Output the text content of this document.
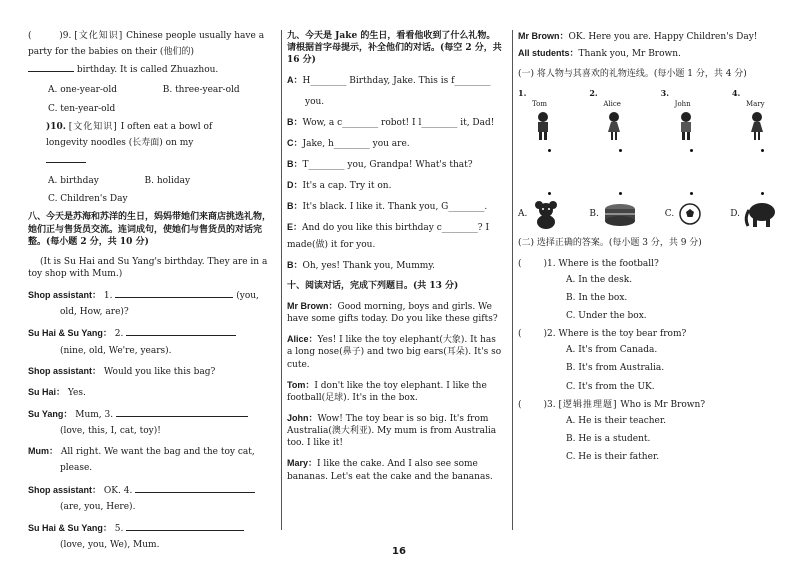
(	)9. [文化知识] Chinese people usually have a
party for the babies on their (他们的)
birthday. It is called Zhuazhou.
A. one-year-old	B. three-year-old
C. ten-year-old
)10. [文化知识] I often eat a bowl of
longevity noodles (长寿面) on my
A. birthday	B. holiday
C. Children's Day
八、今天是苏海和苏洋的生日，妈妈带她们来商店挑选礼物，她们正与售货员交流。连词成句，使她们与售货员的对话完整。(每小题 2 分，共 10 分)
(It is Su Hai and Su Yang's birthday. They are in a toy shop with Mum.)
Shop assistant： 1.	(you,
old, How, are)?
Su Hai & Su Yang： 2.
(nine, old, We're, years).
Shop assistant： Would you like this bag?
Su Hai： Yes.
Su Yang： Mum, 3.
(love, this, I, cat, toy)!
Mum： All right. We want the bag and the toy cat,
please.
Shop assistant： OK. 4.
(are, you, Here).
Su Hai & Su Yang： 5.
(love, you, We), Mum.
九、今天是 Jake 的生日，看看他收到了什么礼物。请根据首字母提示，补全他们的对话。(每空 2 分，共 16 分)
A：H________ Birthday, Jake. This is f________
you.
B：Wow, a c________ robot! I l________ it, Dad!
C：Jake, h________ you are.
B：T________ you, Grandpa! What's that?
D：It's a cap. Try it on.
B：It's black. I like it. Thank you, G________.
E：And do you like this birthday c________? I
made(做) it for you.
B：Oh, yes! Thank you, Mummy.
十、阅读对话，完成下列题目。(共 13 分)
Mr Brown：Good morning, boys and girls. We have some gifts today. Do you like these gifts?
Alice：Yes! I like the toy elephant(大象). It has a long nose(鼻子) and two big ears(耳朵). It's so cute.
Tom：I don't like the toy elephant. I like the football(足球). It's in the box.
John：Wow! The toy bear is so big. It's from Australia(澳大利亚). My mum is from Australia too. I like it!
Mary：I like the cake. And I also see some bananas. Let's eat the cake and the bananas.
Mr Brown：OK. Here you are. Happy Children's Day!
All students：Thank you, Mr Brown.
(一) 将人物与其喜欢的礼物连线。(每小题 1 分，共 4 分)
1.
Tom
2.
Alice
3.
John
4.
Mary
A.	B.	C.	D.
(二) 选择正确的答案。(每小题 3 分，共 9 分)
( )1. Where is the football?
A. In the desk.
B. In the box.
C. Under the box.
( )2. Where is the toy bear from?
A. It's from Canada.
B. It's from Australia.
C. It's from the UK.
( )3. [逻辑推理题] Who is Mr Brown?
A. He is their teacher.
B. He is a student.
C. He is their father.
16
